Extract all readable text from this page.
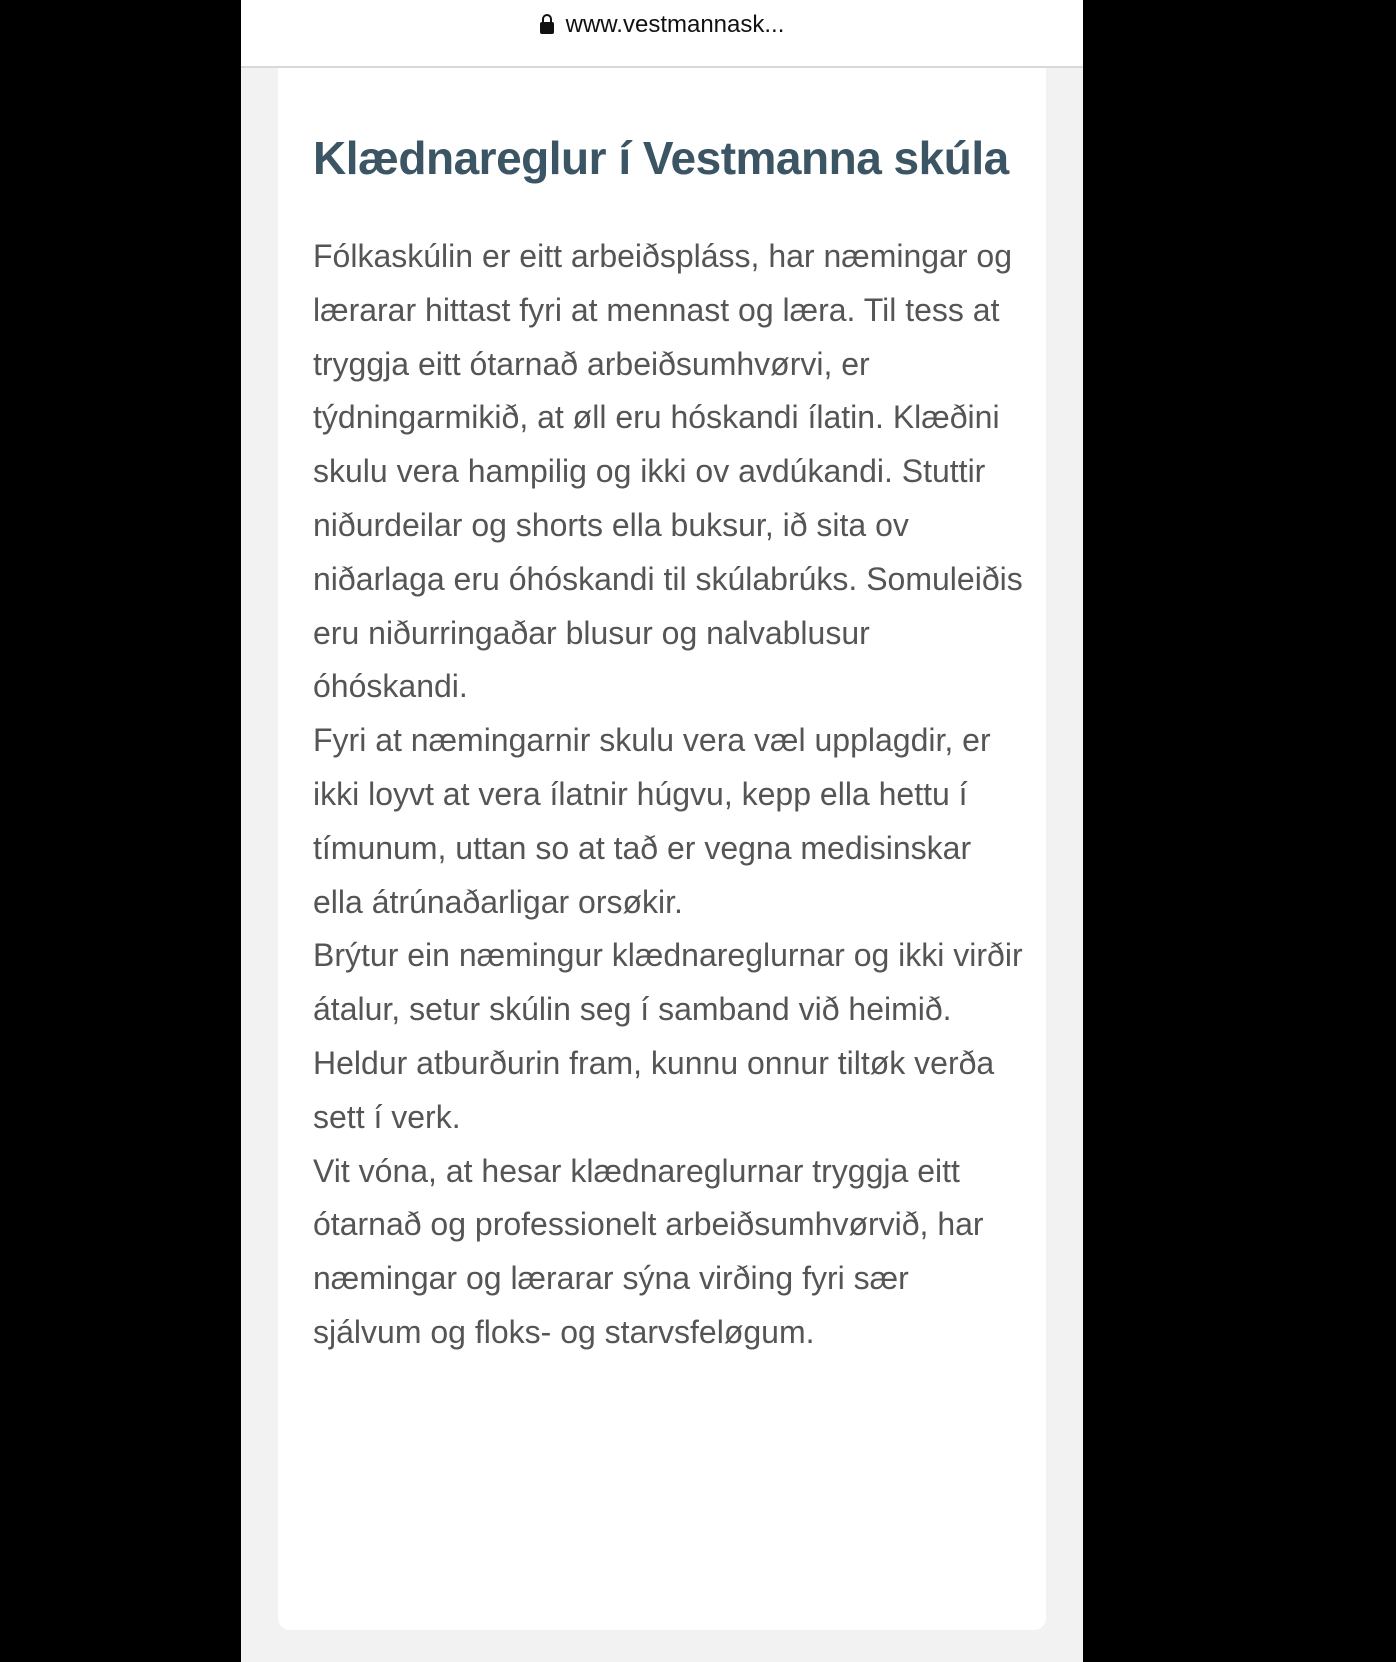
www.vestmannask...
Klædnareglur í Vestmanna skúla

Fólkaskúlin er eitt arbeiðspláss, har næmingar og lærarar hittast fyri at mennast og læra. Til tess at tryggja eitt ótarnað arbeiðsumhvørvi, er týdningarmikið, at øll eru hóskandi ílatin. Klæðini skulu vera hampilig og ikki ov avdúkandi. Stuttir niðurdeilar og shorts ella buksur, ið sita ov niðarlaga eru óhóskandi til skúlabrúks. Somuleiðis eru niðurringaðar blusur og nalvablusur óhóskandi.

Fyri at næmingarnir skulu vera væl upplagdir, er ikki loyvt at vera ílatnir húgvu, kepp ella hettu í tímunum, uttan so at tað er vegna medisinskar ella átrúnaðarligar orsøkir.

Brýtur ein næmingur klædnareglurnar og ikki virðir átalur, setur skúlin seg í samband við heimið. Heldur atburðurin fram, kunnu onnur tiltøk verða sett í verk.

Vit vóna, at hesar klædnareglurnar tryggja eitt ótarnað og professionelt arbeiðsumhvørvið, har næmingar og lærarar sýna virðing fyri sær sjálvum og floks- og starvsfeløgum.
